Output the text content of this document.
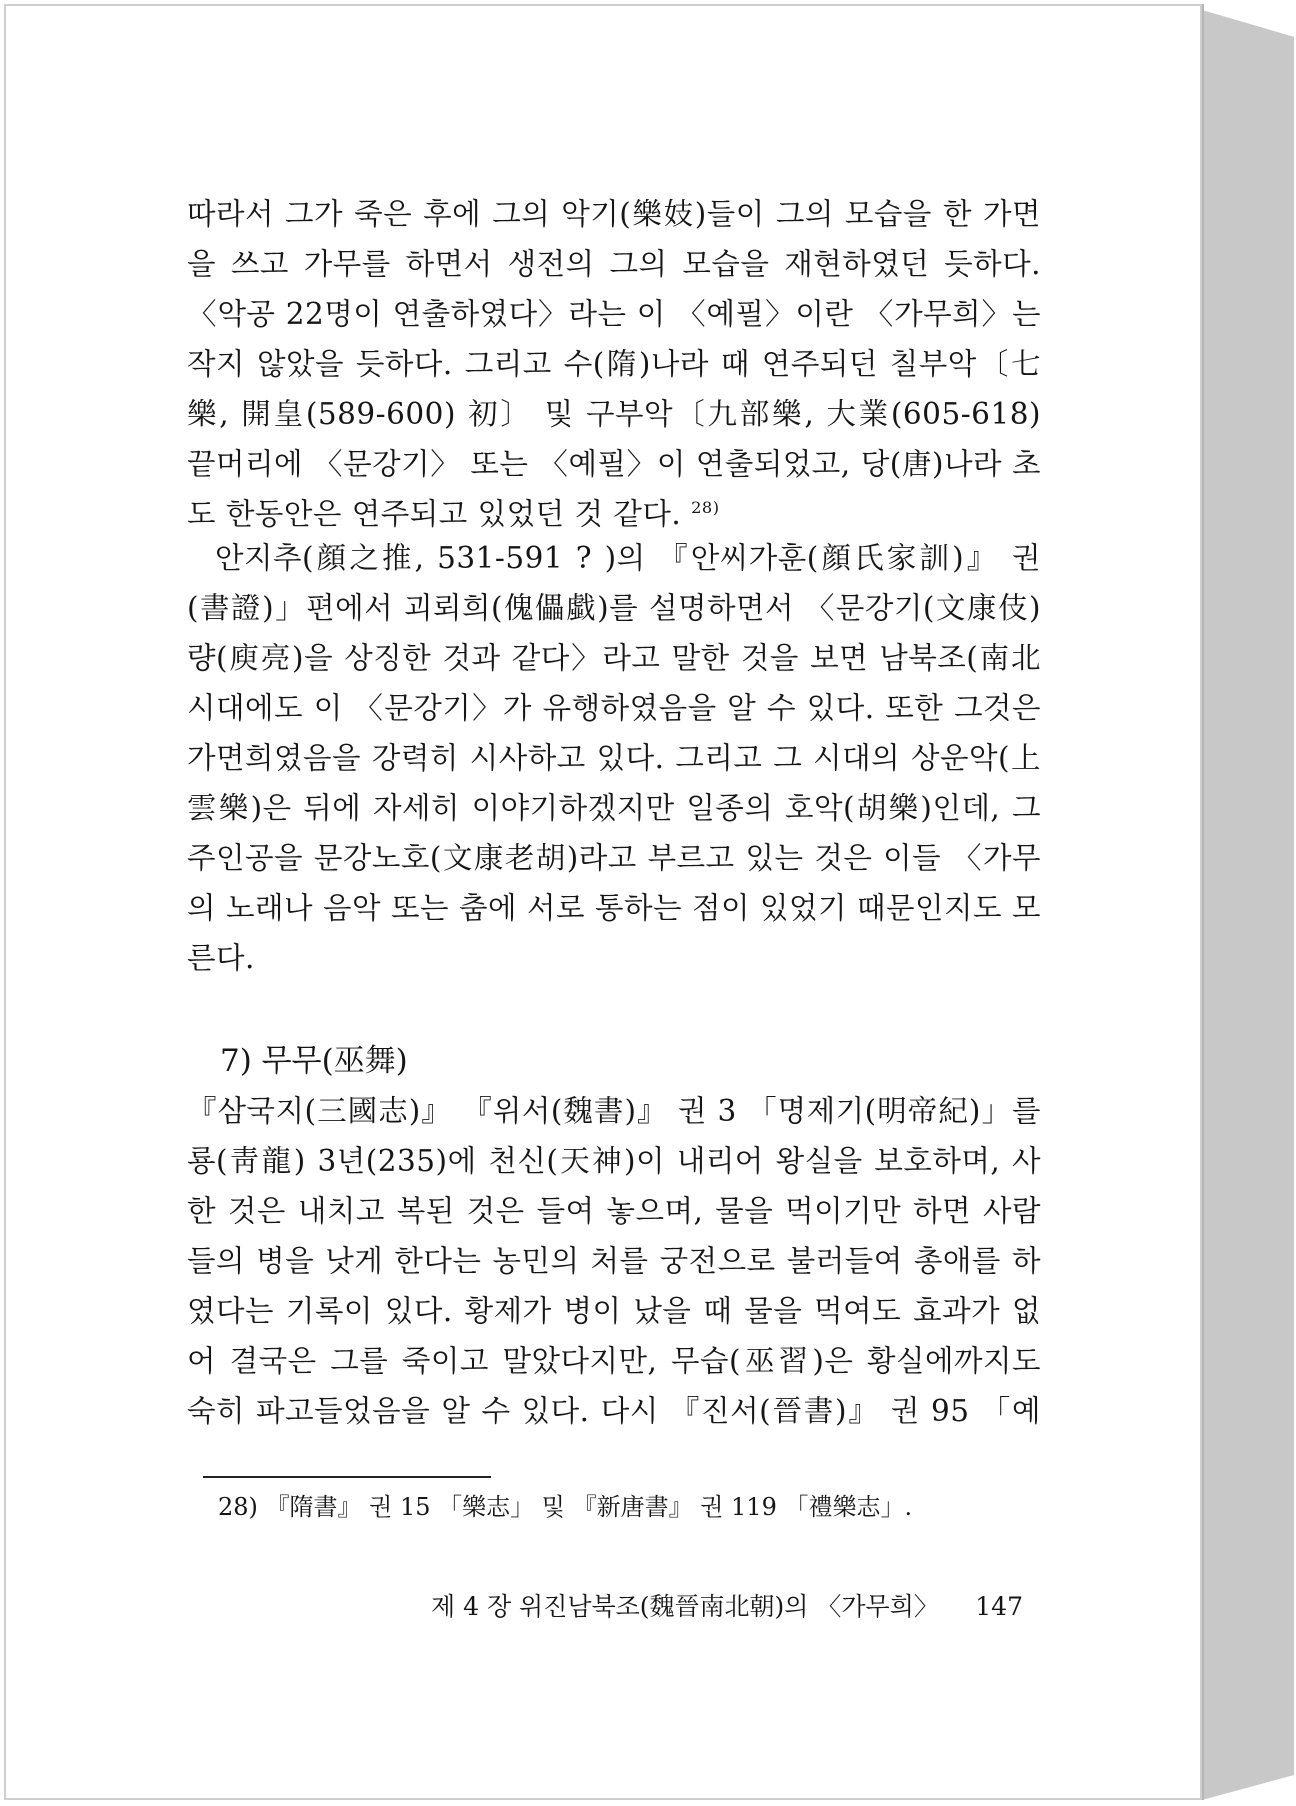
따라서 그가 죽은 후에 그의 악기(樂妓)들이 그의 모습을 한 가면
을 쓰고 가무를 하면서 생전의 그의 모습을 재현하였던 듯하다.
〈악공 22명이 연출하였다〉라는 이 〈예필〉이란 〈가무희〉는
작지 않았을 듯하다. 그리고 수(隋)나라 때 연주되던 칠부악〔七
樂, 開皇(589-600) 初〕 및 구부악〔九部樂, 大業(605-618)
끝머리에 〈문강기〉 또는 〈예필〉이 연출되었고, 당(唐)나라 초
도 한동안은 연주되고 있었던 것 같다. $^{28)}$
안지추(顔之推, 531-591 ? )의 『안씨가훈(顔氏家訓)』 권
(書證)」편에서 괴뢰희(傀儡戱)를 설명하면서 〈문강기(文康伎)
량(庾亮)을 상징한 것과 같다〉라고 말한 것을 보면 남북조(南北
시대에도 이 〈문강기〉가 유행하였음을 알 수 있다. 또한 그것은
가면희였음을 강력히 시사하고 있다. 그리고 그 시대의 상운악(上
雲樂)은 뒤에 자세히 이야기하겠지만 일종의 호악(胡樂)인데, 그
주인공을 문강노호(文康老胡)라고 부르고 있는 것은 이들 〈가무
의 노래나 음악 또는 춤에 서로 통하는 점이 있었기 때문인지도 모
른다.
7) 무무(巫舞)
『삼국지(三國志)』 『위서(魏書)』 권 3 「명제기(明帝紀)」를
룡(靑龍) 3년(235)에 천신(天神)이 내리어 왕실을 보호하며, 사
한 것은 내치고 복된 것은 들여 놓으며, 물을 먹이기만 하면 사람
들의 병을 낫게 한다는 농민의 처를 궁전으로 불러들여 총애를 하
였다는 기록이 있다. 황제가 병이 났을 때 물을 먹여도 효과가 없
어 결국은 그를 죽이고 말았다지만, 무습(巫習)은 황실에까지도
숙히 파고들었음을 알 수 있다. 다시 『진서(晉書)』 권 95 「예
28) 『隋書』 권 15 「樂志」 및 『新唐書』 권 119 「禮樂志」.
제 4 장 위진남북조(魏晉南北朝)의 〈가무희〉 147
